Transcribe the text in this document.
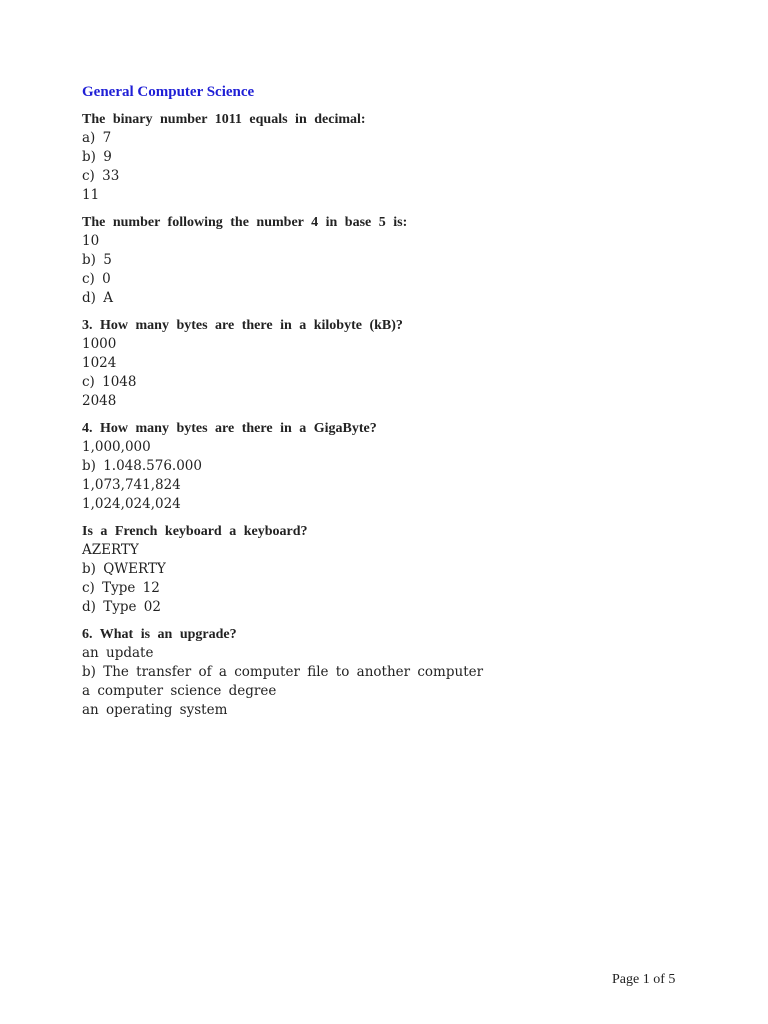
General Computer Science

The binary number 1011 equals in decimal:

a) 7
b) 9
c) 33
11

The number following the number 4 in base 5 is:

10
b) 5
c) 0
d) A

3. How many bytes are there in a kilobyte (kB)?

1000
1024
c) 1048
2048

4. How many bytes are there in a GigaByte?

1,000,000
b) 1.048.576.000
1,073,741,824
1,024,024,024

Is a French keyboard a keyboard?

AZERTY
b) QWERTY
c) Type 12
d) Type 02

6. What is an upgrade?

an update
b) The transfer of a computer file to another computer
a computer science degree
an operating system
Page 1 of 5
